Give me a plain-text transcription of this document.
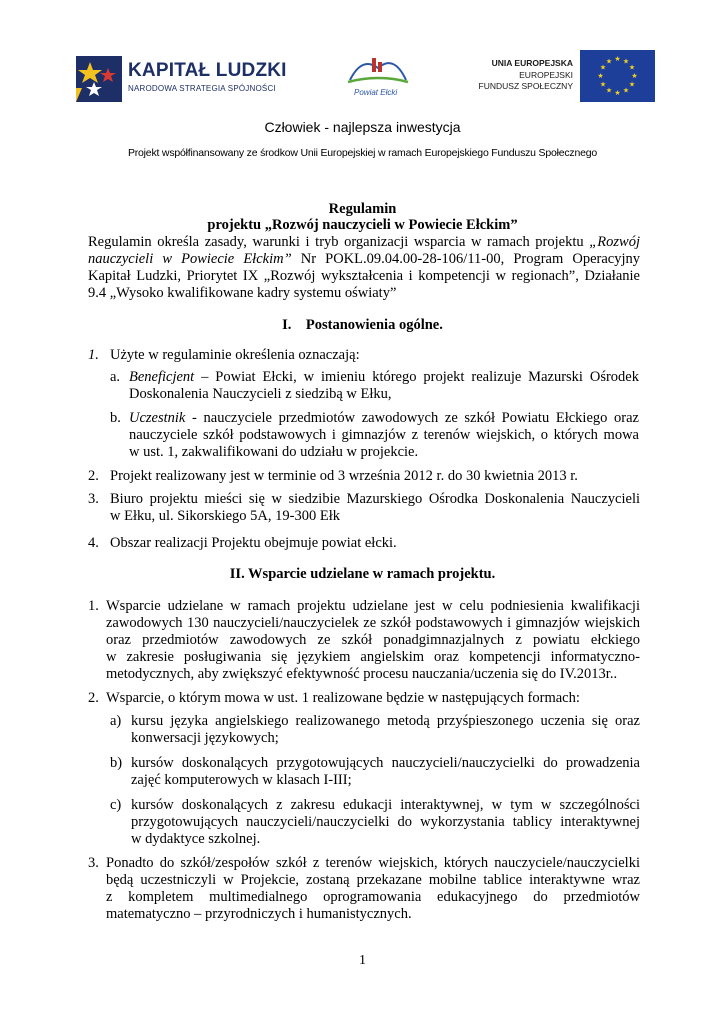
KAPITAŁ LUDZKI
NARODOWA STRATEGIA SPÓJNOŚCI	Powiat Ełcki
UNIA EUROPEJSKA
EUROPEJSKI
FUNDUSZ SPOŁECZNY
★ ★
★
★
★
★
★
★
★
★
★
★
Człowiek - najlepsza inwestycja
Projekt współfinansowany ze środkow Unii Europejskiej w ramach Europejskiego Funduszu Społecznego
Regulamin
projektu „Rozwój nauczycieli w Powiecie Ełckim”
Regulamin określa zasady, warunki i tryb organizacji wsparcia w ramach projektu „Rozwój
nauczycieli w Powiecie Ełckim” Nr POKL.09.04.00-28-106/11-00, Program Operacyjny
Kapitał Ludzki, Priorytet IX „Rozwój wykształcenia i kompetencji w regionach”, Działanie
9.4 „Wysoko kwalifikowane kadry systemu oświaty”
I.    Postanowienia ogólne.
1. Użyte w regulaminie określenia oznaczają:
a. Beneficjent – Powiat Ełcki, w imieniu którego projekt realizuje Mazurski Ośrodek
Doskonalenia Nauczycieli z siedzibą w Ełku,
b. Uczestnik - nauczyciele przedmiotów zawodowych ze szkół Powiatu Ełckiego oraz
nauczyciele szkół podstawowych i gimnazjów z terenów wiejskich, o których mowa
w ust. 1, zakwalifikowani do udziału w projekcie.
2. Projekt realizowany jest w terminie od 3 września 2012 r. do 30 kwietnia 2013 r.
3. Biuro projektu mieści się w siedzibie Mazurskiego Ośrodka Doskonalenia Nauczycieli
w Ełku, ul. Sikorskiego 5A, 19-300 Ełk
4. Obszar realizacji Projektu obejmuje powiat ełcki.
II. Wsparcie udzielane w ramach projektu.
1. Wsparcie udzielane w ramach projektu udzielane jest w celu podniesienia kwalifikacji
zawodowych 130 nauczycieli/nauczycielek ze szkół podstawowych i gimnazjów wiejskich
oraz przedmiotów zawodowych ze szkół ponadgimnazjalnych z powiatu ełckiego
w zakresie posługiwania się językiem angielskim oraz kompetencji informatyczno-
metodycznych, aby zwiększyć efektywność procesu nauczania/uczenia się do IV.2013r..
2. Wsparcie, o którym mowa w ust. 1 realizowane będzie w następujących formach:
a) kursu języka angielskiego realizowanego metodą przyśpieszonego uczenia się oraz
konwersacji językowych;
b) kursów doskonalących przygotowujących nauczycieli/nauczycielki do prowadzenia
zajęć komputerowych w klasach I-III;
c) kursów doskonalących z zakresu edukacji interaktywnej, w tym w szczególności
przygotowujących nauczycieli/nauczycielki do wykorzystania tablicy interaktywnej
w dydaktyce szkolnej.
3. Ponadto do szkół/zespołów szkół z terenów wiejskich, których nauczyciele/nauczycielki
będą uczestniczyli w Projekcie, zostaną przekazane mobilne tablice interaktywne wraz
z kompletem multimedialnego oprogramowania edukacyjnego do przedmiotów
matematyczno – przyrodniczych i humanistycznych.
1
